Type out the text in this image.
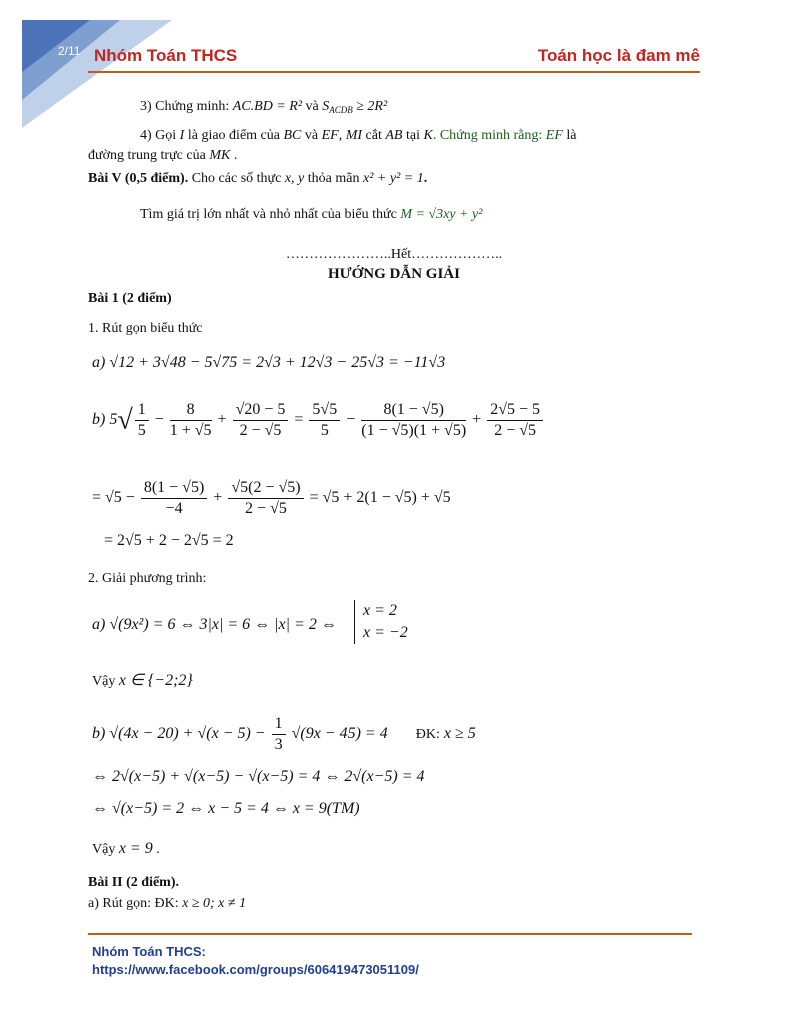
2/11 Nhóm Toán THCS	Toán học là đam mê
3) Chứng minh: AC.BD = R² và $S_{ACDB} \ge 2R^2$
4) Gọi I là giao điểm của BC và EF, MI cắt AB tại K. Chứng minh rằng: EF là
đường trung trực của MK .
Bài V (0,5 điểm). Cho các số thực x, y thỏa mãn x² + y² = 1.
Tìm giá trị lớn nhất và nhỏ nhất của biểu thức M = √3xy + y²
…………………..Hết………………..
HƯỚNG DẪN GIẢI
Bài 1 (2 điểm)
1. Rút gọn biểu thức
a) √12 + 3√48 − 5√75 = 2√3 + 12√3 − 25√3 = −11√3
b) $5√ \frac{1}{5} - \frac{8}{1 + √5} + \frac{√20 - 5}{2 - √5} = \frac{5√5}{5} - \frac{8(1 - √5)}{(1 - √5)(1 + √5)} + \frac{2√5 - 5}{2 - √5}$
= $√5 - \frac{8(1 - √5)}{-4} + \frac{√5(2 - √5)}{2 - √5} = √5 + 2(1 - √5) + √5$
= 2√5 + 2 − 2√5 = 2
2. Giải phương trình:
a) √(9x²) = 6 ⇔ 3|x| = 6 ⇔ |x| = 2 ⇔
x = 2
x = −2
Vậy x ∈ {−2;2}
b) $√(4x - 20) + √(x - 5) - \frac{1}{3} √(9x - 45) = 4$ ĐK: x ≥ 5
⇔ 2√(x−5) + √(x−5) − √(x−5) = 4 ⇔ 2√(x−5) = 4
⇔ √(x−5) = 2 ⇔ x − 5 = 4 ⇔ x = 9(TM)
Vậy x = 9 .
Bài II (2 điểm).
a) Rút gọn: ĐK: x ≥ 0; x ≠ 1
Nhóm Toán THCS:
https://www.facebook.com/groups/606419473051109/
